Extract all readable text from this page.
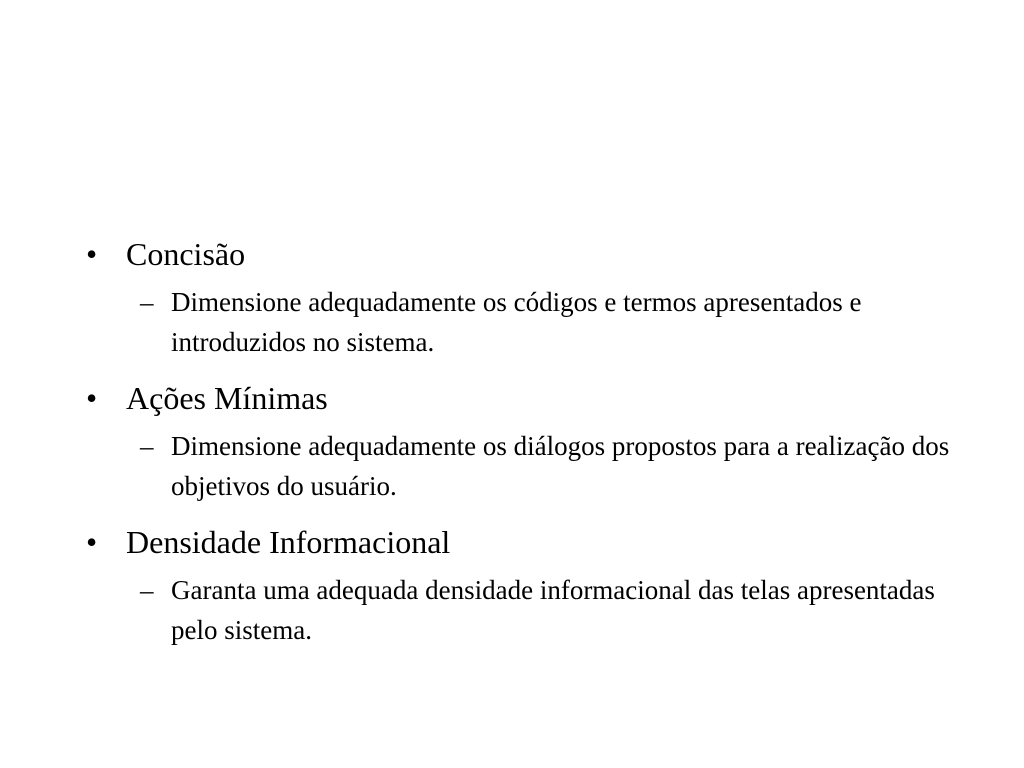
• Concisão
– Dimensione adequadamente os códigos e termos apresentados e introduzidos no sistema.
• Ações Mínimas
– Dimensione adequadamente os diálogos propostos para a realização dos objetivos do usuário.
• Densidade Informacional
– Garanta uma adequada densidade informacional das telas apresentadas pelo sistema.
